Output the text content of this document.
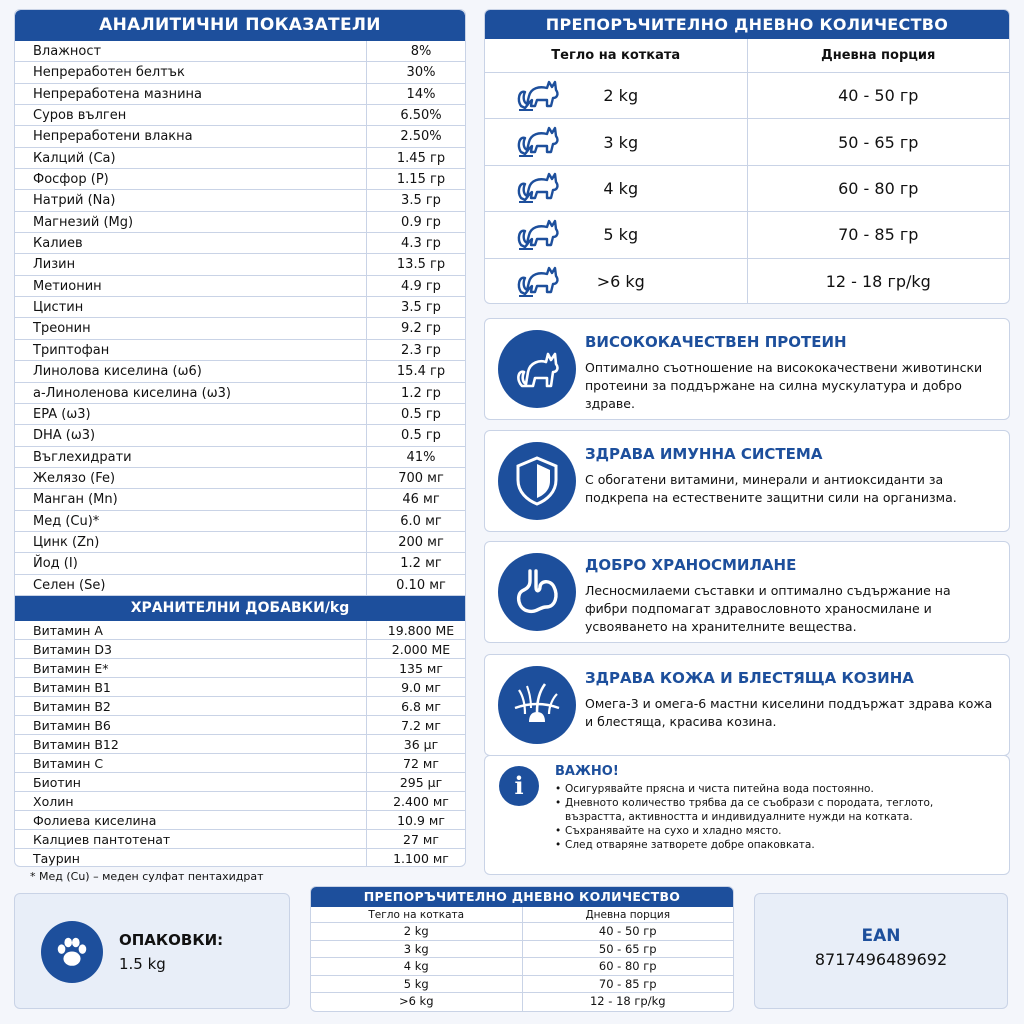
АНАЛИТИЧНИ ПОКАЗАТЕЛИ
Влажност	8%
Непреработен белтък	30%
Непреработена мазнина	14%
Суров вълген	6.50%
Непреработени влакна	2.50%
Калций (Ca)	1.45 гр
Фосфор (P)	1.15 гр
Натрий (Na)	3.5 гр
Магнезий (Mg)	0.9 гр
Калиев	4.3 гр
Лизин	13.5 гр
Метионин	4.9 гр
Цистин	3.5 гр
Треонин	9.2 гр
Триптофан	2.3 гр
Линолова киселина (ω6)	15.4 гр
а-Линоленова киселина (ω3)	1.2 гр
EPA (ω3)	0.5 гр
DHA (ω3)	0.5 гр
Въглехидрати	41%
Желязо (Fe)	700 мг
Манган (Mn)	46 мг
Мед (Cu)*	6.0 мг
Цинк (Zn)	200 мг
Йод (I)	1.2 мг
Селен (Se)	0.10 мг
ХРАНИТЕЛНИ ДОБАВКИ/kg
Витамин A	19.800 МЕ
Витамин D3	2.000 МЕ
Витамин E*	135 мг
Витамин B1	9.0 мг
Витамин B2	6.8 мг
Витамин B6	7.2 мг
Витамин B12	36 µг
Витамин C	72 мг
Биотин	295 µг
Холин	2.400 мг
Фолиева киселина	10.9 мг
Калциев пантотенат	27 мг
Таурин	1.100 мг
* Мед (Cu) – меден сулфат пентахидрат
ПРЕПОРЪЧИТЕЛНО ДНЕВНО КОЛИЧЕСТВО
Тегло на котката	Дневна порция
2 kg	40 - 50 гр
3 kg	50 - 65 гр
4 kg	60 - 80 гр
5 kg	70 - 85 гр
>6 kg	12 - 18 гр/kg
ВИСОКОКАЧЕСТВЕН ПРОТЕИН
Оптимално съотношение на висококачествени животински протеини за поддържане на силна мускулатура и добро здраве.
ЗДРАВА ИМУННА СИСТЕМА
С обогатени витамини, минерали и антиоксиданти за подкрепа на естествените защитни сили на организма.
ДОБРО ХРАНОСМИЛАНЕ
Лесносмилаеми съставки и оптимално съдържание на фибри подпомагат здравословното храносмилане и усвояването на хранителните вещества.
ЗДРАВА КОЖА И БЛЕСТЯЩА КОЗИНА
Омега-3 и омега-6 мастни киселини поддържат здрава кожа и блестяща, красива козина.
i	ВАЖНО!
• Осигурявайте прясна и чиста питейна вода постоянно.
• Дневното количество трябва да се съобрази с породата, теглото, възрастта, активността и индивидуалните нужди на котката.
• Съхранявайте на сухо и хладно място.
• След отваряне затворете добре опаковката.
ОПАКОВКИ:
1.5 kg
ПРЕПОРЪЧИТЕЛНО ДНЕВНО КОЛИЧЕСТВО
Тегло на котката	Дневна порция
2 kg	40 - 50 гр
3 kg	50 - 65 гр
4 kg	60 - 80 гр
5 kg	70 - 85 гр
>6 kg	12 - 18 гр/kg
EAN
8717496489692
